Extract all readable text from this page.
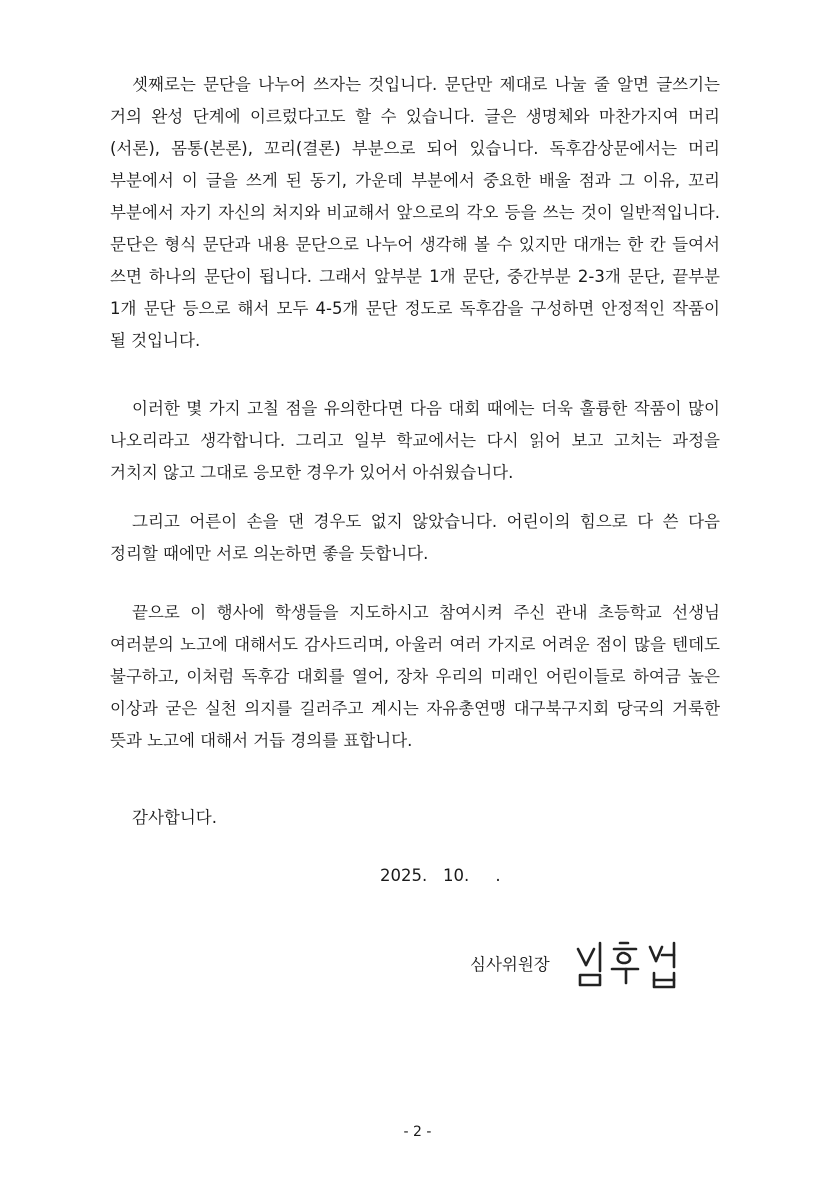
셋째로는 문단을 나누어 쓰자는 것입니다. 문단만 제대로 나눌 줄 알면 글쓰기는 거의 완성 단계에 이르렀다고도 할 수 있습니다. 글은 생명체와 마찬가지여 머리(서론), 몸통(본론), 꼬리(결론) 부분으로 되어 있습니다. 독후감상문에서는 머리 부분에서 이 글을 쓰게 된 동기, 가운데 부분에서 중요한 배울 점과 그 이유, 꼬리 부분에서 자기 자신의 처지와 비교해서 앞으로의 각오 등을 쓰는 것이 일반적입니다. 문단은 형식 문단과 내용 문단으로 나누어 생각해 볼 수 있지만 대개는 한 칸 들여서 쓰면 하나의 문단이 됩니다. 그래서 앞부분 1개 문단, 중간부분 2-3개 문단, 끝부분 1개 문단 등으로 해서 모두 4-5개 문단 정도로 독후감을 구성하면 안정적인 작품이 될 것입니다.

이러한 몇 가지 고칠 점을 유의한다면 다음 대회 때에는 더욱 훌륭한 작품이 많이 나오리라고 생각합니다. 그리고 일부 학교에서는 다시 읽어 보고 고치는 과정을 거치지 않고 그대로 응모한 경우가 있어서 아쉬웠습니다.

그리고 어른이 손을 댄 경우도 없지 않았습니다. 어린이의 힘으로 다 쓴 다음 정리할 때에만 서로 의논하면 좋을 듯합니다.

끝으로 이 행사에 학생들을 지도하시고 참여시켜 주신 관내 초등학교 선생님 여러분의 노고에 대해서도 감사드리며, 아울러 여러 가지로 어려운 점이 많을 텐데도 불구하고, 이처럼 독후감 대회를 열어, 장차 우리의 미래인 어린이들로 하여금 높은 이상과 굳은 실천 의지를 길러주고 계시는 자유총연맹 대구북구지회 당국의 거룩한 뜻과 노고에 대해서 거듭 경의를 표합니다.

감사합니다.

2025.   10.     .
심사위원장
- 2 -
